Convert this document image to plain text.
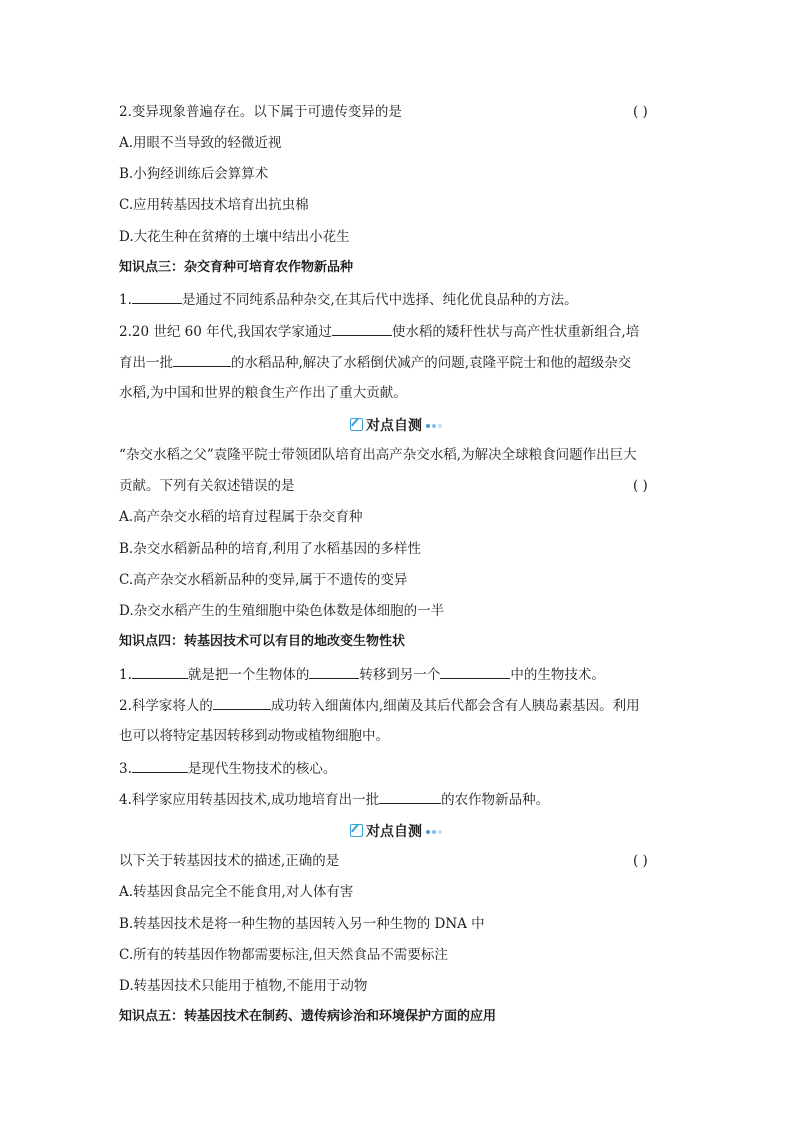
2.变异现象普遍存在。以下属于可遗传变异的是	( )
A.用眼不当导致的轻微近视
B.小狗经训练后会算算术
C.应用转基因技术培育出抗虫棉
D.大花生种在贫瘠的土壤中结出小花生
知识点三：杂交育种可培育农作物新品种
1.	是通过不同纯系品种杂交,在其后代中选择、纯化优良品种的方法。
2.20 世纪 60 年代,我国农学家通过	使水稻的矮秆性状与高产性状重新组合,培
育出一批	的水稻品种,解决了水稻倒伏减产的问题,袁隆平院士和他的超级杂交
水稻,为中国和世界的粮食生产作出了重大贡献。
对点自测
“杂交水稻之父”袁隆平院士带领团队培育出高产杂交水稻,为解决全球粮食问题作出巨大
贡献。下列有关叙述错误的是	( )
A.高产杂交水稻的培育过程属于杂交育种
B.杂交水稻新品种的培育,利用了水稻基因的多样性
C.高产杂交水稻新品种的变异,属于不遗传的变异
D.杂交水稻产生的生殖细胞中染色体数是体细胞的一半
知识点四：转基因技术可以有目的地改变生物性状
1.	就是把一个生物体的	转移到另一个	中的生物技术。
2.科学家将人的	成功转入细菌体内,细菌及其后代都会含有人胰岛素基因。利用
也可以将特定基因转移到动物或植物细胞中。
3.	是现代生物技术的核心。
4.科学家应用转基因技术,成功地培育出一批	的农作物新品种。
对点自测
以下关于转基因技术的描述,正确的是	( )
A.转基因食品完全不能食用,对人体有害
B.转基因技术是将一种生物的基因转入另一种生物的 DNA 中
C.所有的转基因作物都需要标注,但天然食品不需要标注
D.转基因技术只能用于植物,不能用于动物
知识点五：转基因技术在制药、遗传病诊治和环境保护方面的应用
